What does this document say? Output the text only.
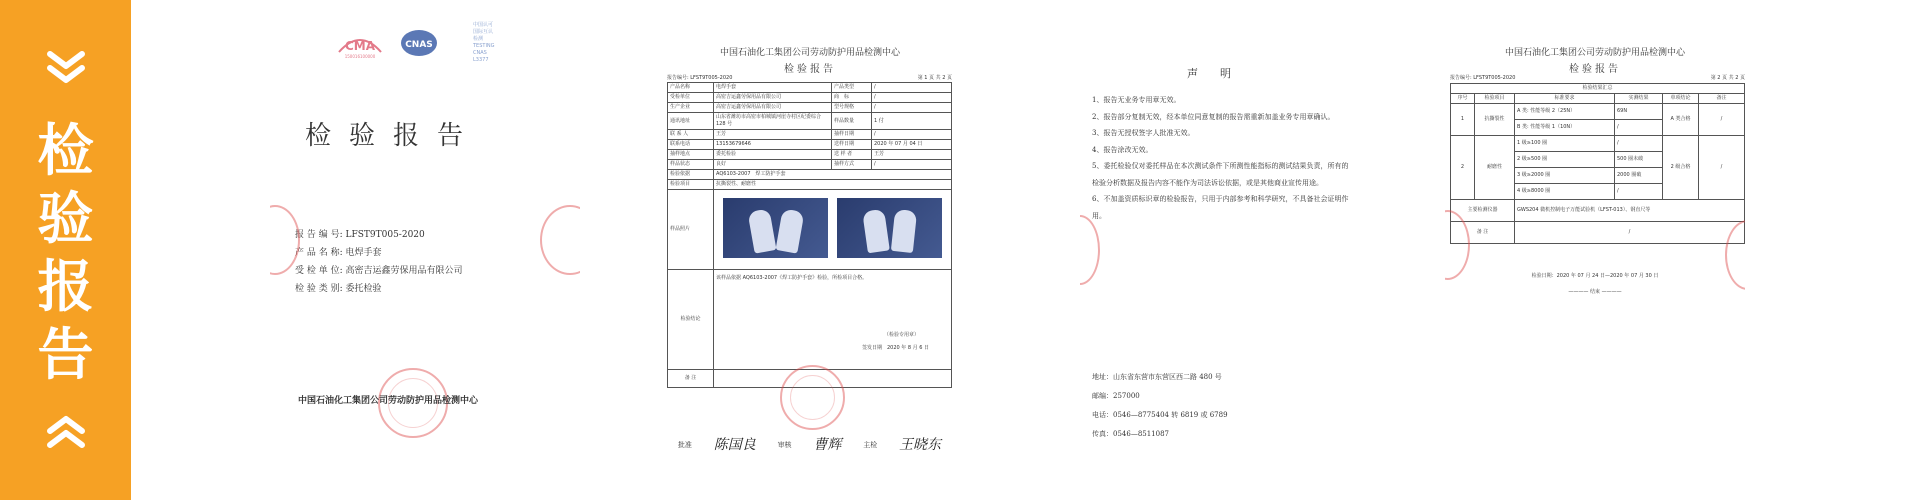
检
验
报
告
CMA
150016100000
CNAS
中国认可
国际互认
检测
TESTING
CNAS L3377
检验报告
报 告 编 号: LFST9T005-2020
产 品 名 称: 电焊手套
受 检 单 位: 高密吉运鑫劳保用品有限公司
检 验 类 别: 委托检验
中国石油化工集团公司劳动防护用品检测中心
中国石油化工集团公司劳动防护用品检测中心
检验报告
报告编号: LFST9T005-2020	第 1 页 共 2 页
产品名称	电焊手套	产品类型	/
受检单位	高密吉运鑫劳保用品有限公司	商　标	/
生产企业	高密吉运鑫劳保用品有限公司	型号规格	/
通讯地址	山东省潍坊市高密市柏城镇河崖寺村区纪委综合 128 号	样品数量	1 付
联 系 人	王芳	抽样日期	/
联系电话	13153679646	送样日期	2020 年 07 月 04 日
抽样地点	委托检验	送 样 者	王芳
样品状态	良好	抽样方式	/
检验依据	AQ6103-2007　焊工防护手套		
检验项目	抗撕裂性、耐磨性		
样品照片			

检验结论	该样品依据 AQ6103-2007《焊工防护手套》检验，所检项目合格。
（检验专用章）
签发日期　2020 年 8 月 6 日		

备 注			
批准 陈国良	审核 曹辉	主检 王晓东
声明
1、报告无业务专用章无效。
2、报告部分复制无效，经本单位同意复制的报告需重新加盖业务专用章确认。
3、报告无授权签字人批准无效。
4、报告涂改无效。
5、委托检验仅对委托样品在本次测试条件下所测性能指标的测试结果负责，所有的检验分析数据及报告内容不能作为司法诉讼依据，或是其他商业宣传用途。
6、不加盖资质标识章的检验报告，只用于内部参考和科学研究，不具备社会证明作用。
地址：山东省东营市东营区西二路 480 号
邮编：257000
电话：0546—8775404 转 6819 或 6789
传真：0546—8511087
中国石油化工集团公司劳动防护用品检测中心
检验报告
报告编号: LFST9T005-2020	第 2 页 共 2 页
检验结果汇总					
序号	检验项目	标准要求	实测结果	单项结论	备注
1	抗撕裂性	A 类: 性能等级 2（25N）	69N	A 类合格	/
		B 类: 性能等级 1（10N）	/		
2	耐磨性	1 级≥100 圈	/	2 级合格	/
		2 级≥500 圈	500 圈未破		
		3 级≥2000 圈	2000 圈破		
		4 级≥8000 圈	/		
主要检测仪器		GWS204 微机控制电子万能试验机（LFST-013）、钢直尺等			
备 注		/			
检验日期：2020 年 07 月 24 日—2020 年 07 月 30 日
———— 结束 ————
